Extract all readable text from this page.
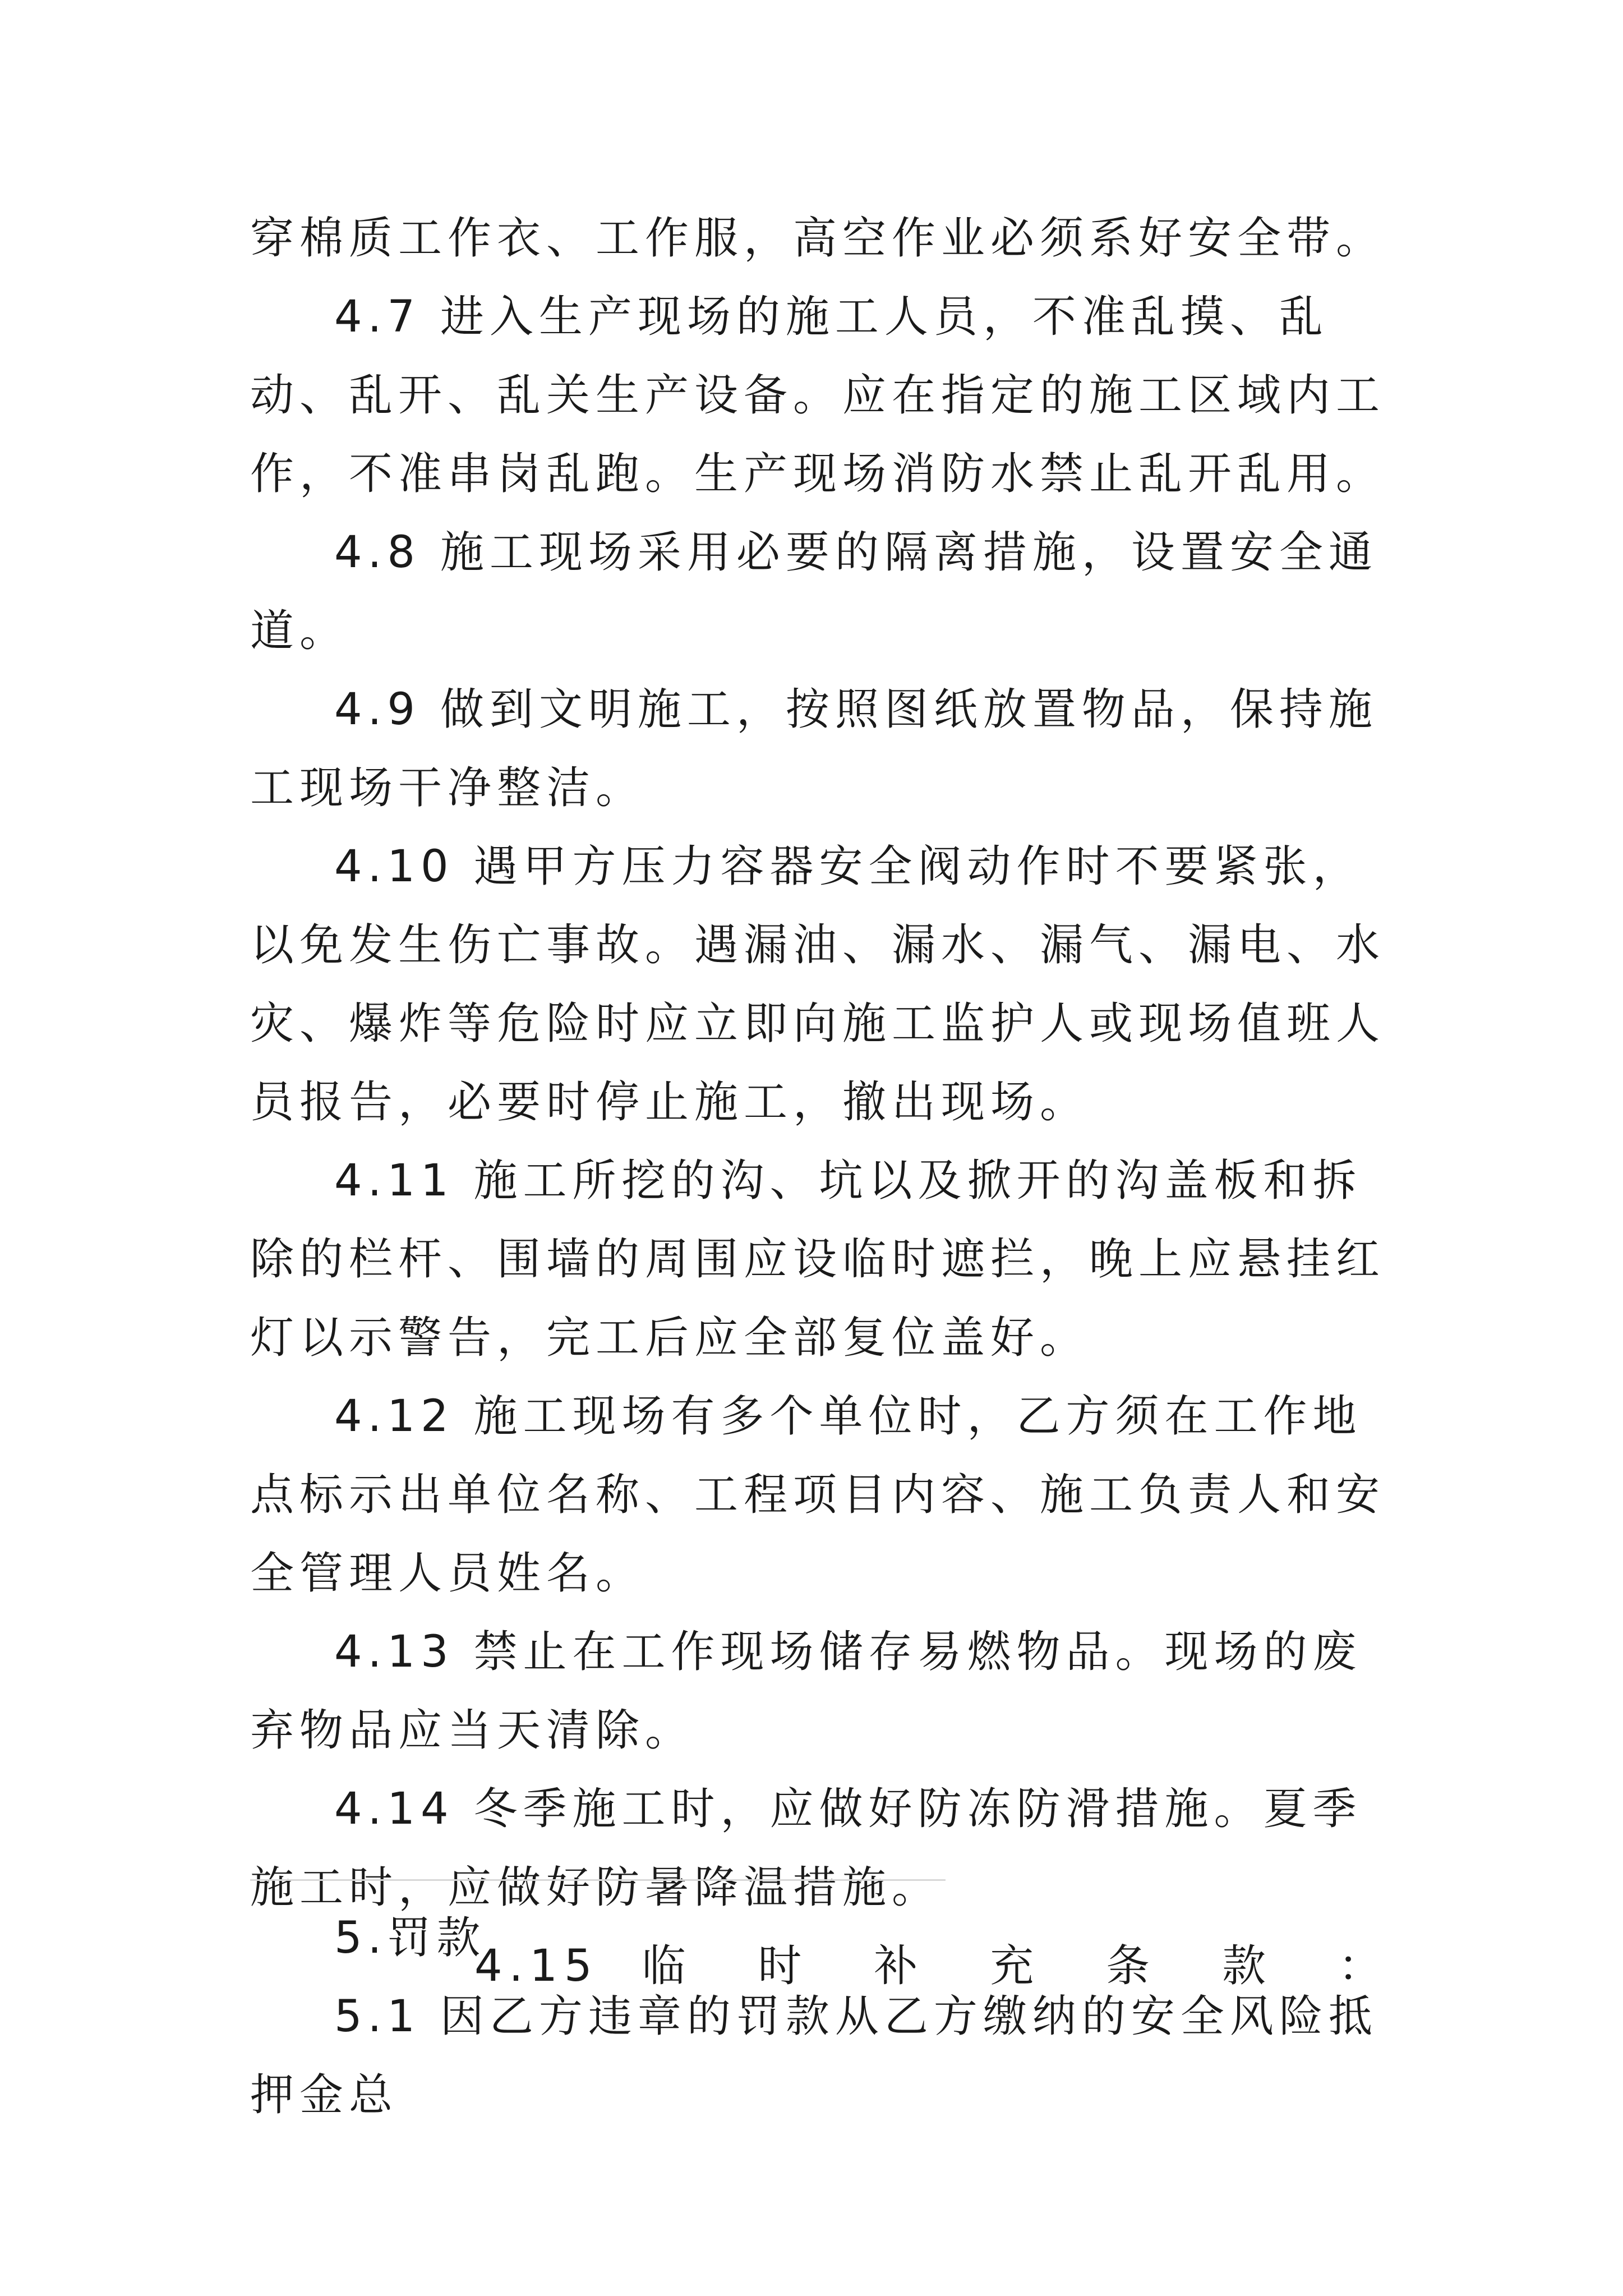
穿棉质工作衣、工作服，高空作业必须系好安全带。

4.7 进入生产现场的施工人员，不准乱摸、乱动、乱开、乱关生产设备。应在指定的施工区域内工作，不准串岗乱跑。生产现场消防水禁止乱开乱用。

4.8 施工现场采用必要的隔离措施，设置安全通道。

4.9 做到文明施工，按照图纸放置物品，保持施工现场干净整洁。

4.10 遇甲方压力容器安全阀动作时不要紧张，以免发生伤亡事故。遇漏油、漏水、漏气、漏电、水灾、爆炸等危险时应立即向施工监护人或现场值班人员报告，必要时停止施工，撤出现场。

4.11 施工所挖的沟、坑以及掀开的沟盖板和拆除的栏杆、围墙的周围应设临时遮拦，晚上应悬挂红灯以示警告，完工后应全部复位盖好。

4.12 施工现场有多个单位时，乙方须在工作地点标示出单位名称、工程项目内容、施工负责人和安全管理人员姓名。

4.13 禁止在工作现场储存易燃物品。现场的废弃物品应当天清除。

4.14 冬季施工时，应做好防冻防滑措施。夏季施工时，应做好防暑降温措施。

4.15 临 时 补 充 条 款 ：

5.罚款

5.1 因乙方违章的罚款从乙方缴纳的安全风险抵押金总
